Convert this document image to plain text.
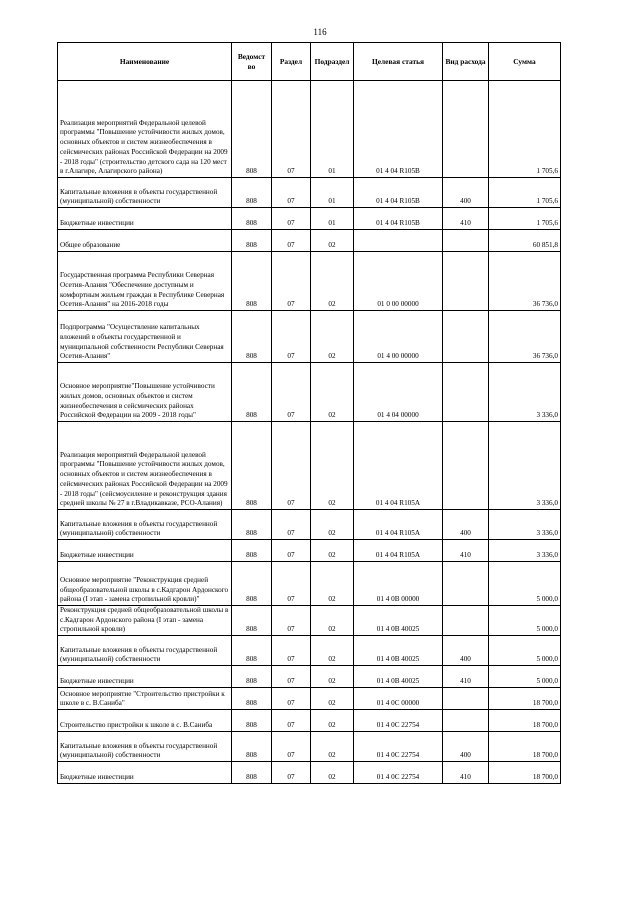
116
Наименование	Ведомст во	Раздел	Подраздел	Целевая статья	Вид расхода	Сумма
Реализация мероприятий Федеральной целевой программы "Повышение устойчивости жилых домов, основных объектов и систем жизнеобеспечения в сейсмических районах Российской Федерации на 2009 - 2018 годы" (строительство детского сада на 120 мест в г.Алагире, Алагирского района)	808	07	01	01 4 04 R105B		1 705,6
Капитальные вложения в объекты государственной (муниципальной) собственности	808	07	01	01 4 04 R105B	400	1 705,6
Бюджетные инвестиции	808	07	01	01 4 04 R105B	410	1 705,6
Общее образование	808	07	02			60 851,8
Государственная программа Республики Северная Осетия-Алания "Обеспечение доступным и комфортным жильем граждан в Республике Северная Осетия-Алания" на 2016-2018 годы	808	07	02	01 0 00 00000		36 736,0
Подпрограмма "Осуществление капитальных вложений в объекты государственной и муниципальной собственности Республики Северная Осетия-Алания"	808	07	02	01 4 00 00000		36 736,0
Основное мероприятие"Повышение устойчивости жилых домов, основных объектов и систем жизнеобеспечения в сейсмических районах Российской Федерации на 2009 - 2018 годы"	808	07	02	01 4 04 00000		3 336,0
Реализация мероприятий Федеральной целевой программы "Повышение устойчивости жилых домов, основных объектов и систем жизнеобеспечения в сейсмических районах Российской Федерации на 2009 - 2018 годы" (сейсмоусиление и реконструкция здания средней школы № 27 в г.Владикавказе, РСО-Алания)	808	07	02	01 4 04 R105A		3 336,0
Капитальные вложения в объекты государственной (муниципальной) собственности	808	07	02	01 4 04 R105A	400	3 336,0
Бюджетные инвестиции	808	07	02	01 4 04 R105A	410	3 336,0
Основное мероприятие "Реконструкция средней общеобразовательной школы в с.Кадгарон Ардонского района (I этап - замена стропильной кровли)"	808	07	02	01 4 0В 00000		5 000,0
Реконструкция средней общеобразовательной школы в с.Кадгарон Ардонского района (I этап - замена стропильной кровли)	808	07	02	01 4 0В 40025		5 000,0
Капитальные вложения в объекты государственной (муниципальной) собственности	808	07	02	01 4 0В 40025	400	5 000,0
Бюджетные инвестиции	808	07	02	01 4 0В 40025	410	5 000,0
Основное мероприятие "Строительство пристройки к школе в с. В.Саниба"	808	07	02	01 4 0С 00000		18 700,0
Строительство пристройки к школе в с. В.Саниба	808	07	02	01 4 0С 22754		18 700,0
Капитальные вложения в объекты государственной (муниципальной) собственности	808	07	02	01 4 0С 22754	400	18 700,0
Бюджетные инвестиции	808	07	02	01 4 0С 22754	410	18 700,0
